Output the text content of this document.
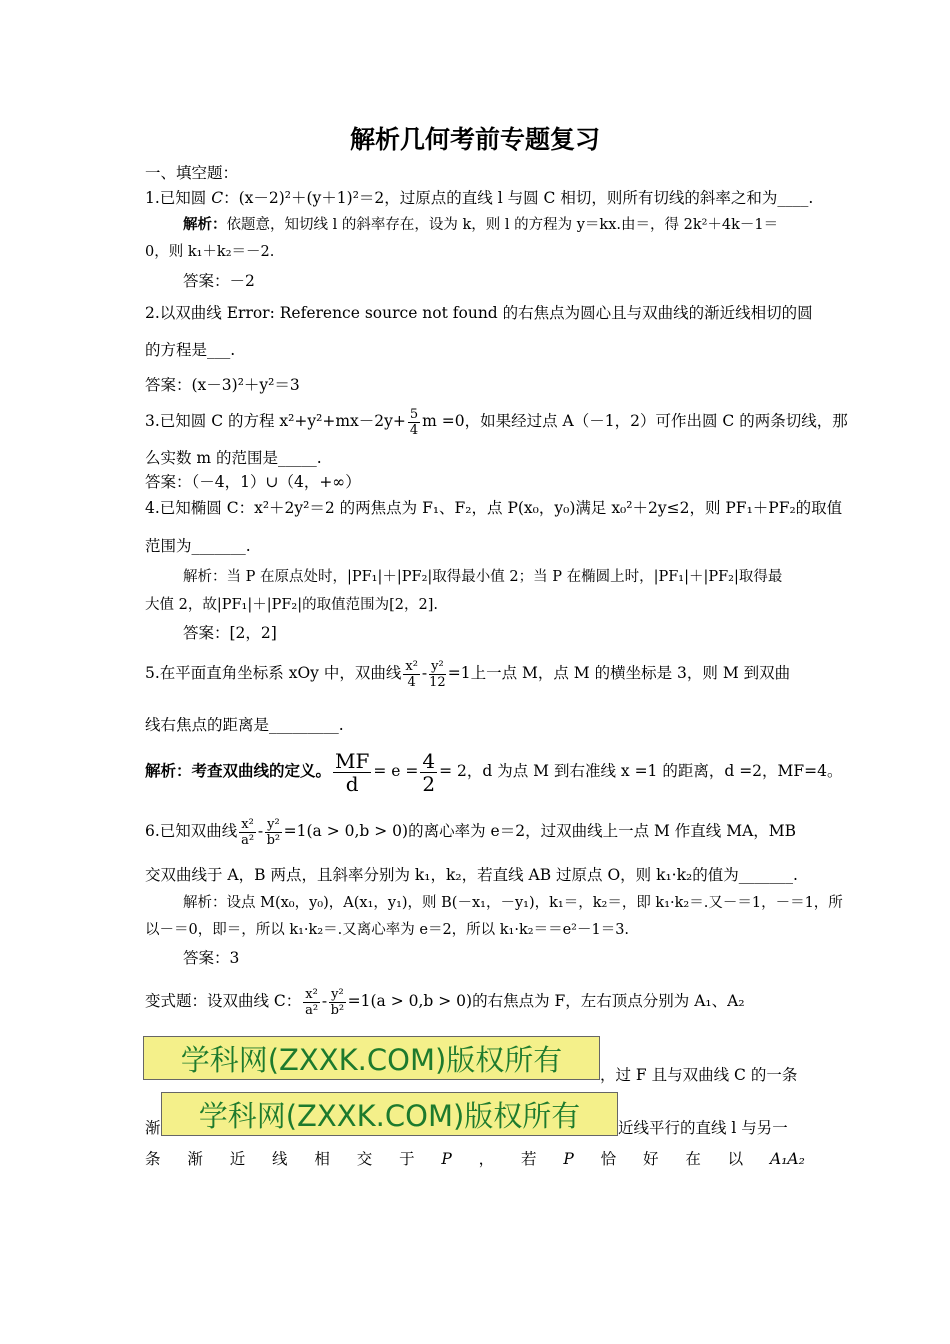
解析几何考前专题复习
一、填空题：
1.已知圆 C：(x－2)²＋(y＋1)²＝2，过原点的直线 l 与圆 C 相切，则所有切线的斜率之和为____.
解析：依题意，知切线 l 的斜率存在，设为 k，则 l 的方程为 y＝kx.由＝，得 2k²＋4k－1＝
0，则 k₁＋k₂＝－2.
答案：－2
2.以双曲线 Error: Reference source not found 的右焦点为圆心且与双曲线的渐近线相切的圆
的方程是___.
答案：(x－3)²＋y²＝3
3.已知圆 C 的方程 $x^2+y^2+mx-2y+ \frac{5}{4}$ m =0，如果经过点 A（－1，2）可作出圆 C 的两条切线，那
么实数 m 的范围是_____.
答案：（－4，1）∪（4，+∞）
4.已知椭圆 C：x²＋2y²＝2 的两焦点为 F₁、F₂，点 P(x₀，y₀)满足 x₀²＋2y≤2，则 PF₁＋PF₂的取值
范围为_______.
解析：当 P 在原点处时，|PF₁|＋|PF₂|取得最小值 2；当 P 在椭圆上时，|PF₁|＋|PF₂|取得最
大值 2，故|PF₁|＋|PF₂|的取值范围为[2，2].
答案：[2，2]
5.在平面直角坐标系 xOy 中，双曲线 $\frac{\text{x²}}{4} - \frac{\text{y²}}{12} =1$上一点 M，点 M 的横坐标是 3，则 M 到双曲
线右焦点的距离是_________.
解析：考查双曲线的定义。 $\frac{MF}{d} = e = \frac{4}{2} = 2$，d 为点 M 到右准线 x =1 的距离，d =2，MF=4。
6.已知双曲线 $\frac{\text{x²}}{\text{a²}} - \frac{\text{y²}}{\text{b²}} =1(a > 0,b > 0)$的离心率为 e＝2，过双曲线上一点 M 作直线 MA，MB
交双曲线于 A，B 两点，且斜率分别为 k₁，k₂，若直线 AB 过原点 O，则 k₁·k₂的值为_______.
解析：设点 M(x₀，y₀)，A(x₁，y₁)，则 B(－x₁，－y₁)，k₁＝，k₂＝，即 k₁·k₂＝.又－＝1，－＝1，所
以－＝0，即＝，所以 k₁·k₂＝.又离心率为 e＝2，所以 k₁·k₂＝＝e²－1＝3.
答案：3
变式题：设双曲线 C： $\frac{\text{x²}}{\text{a²}} - \frac{\text{y²}}{\text{b²}} =1(a > 0,b > 0)$的右焦点为 F，左右顶点分别为 A₁、A₂
学科网(ZXXK.COM)版权所有	，过 F 且与双曲线 C 的一条
渐	学科网(ZXXK.COM)版权所有	近线平行的直线 l 与另一
条 渐 近 线 相 交 于 P ， 若 P 恰 好 在 以 A₁A₂
